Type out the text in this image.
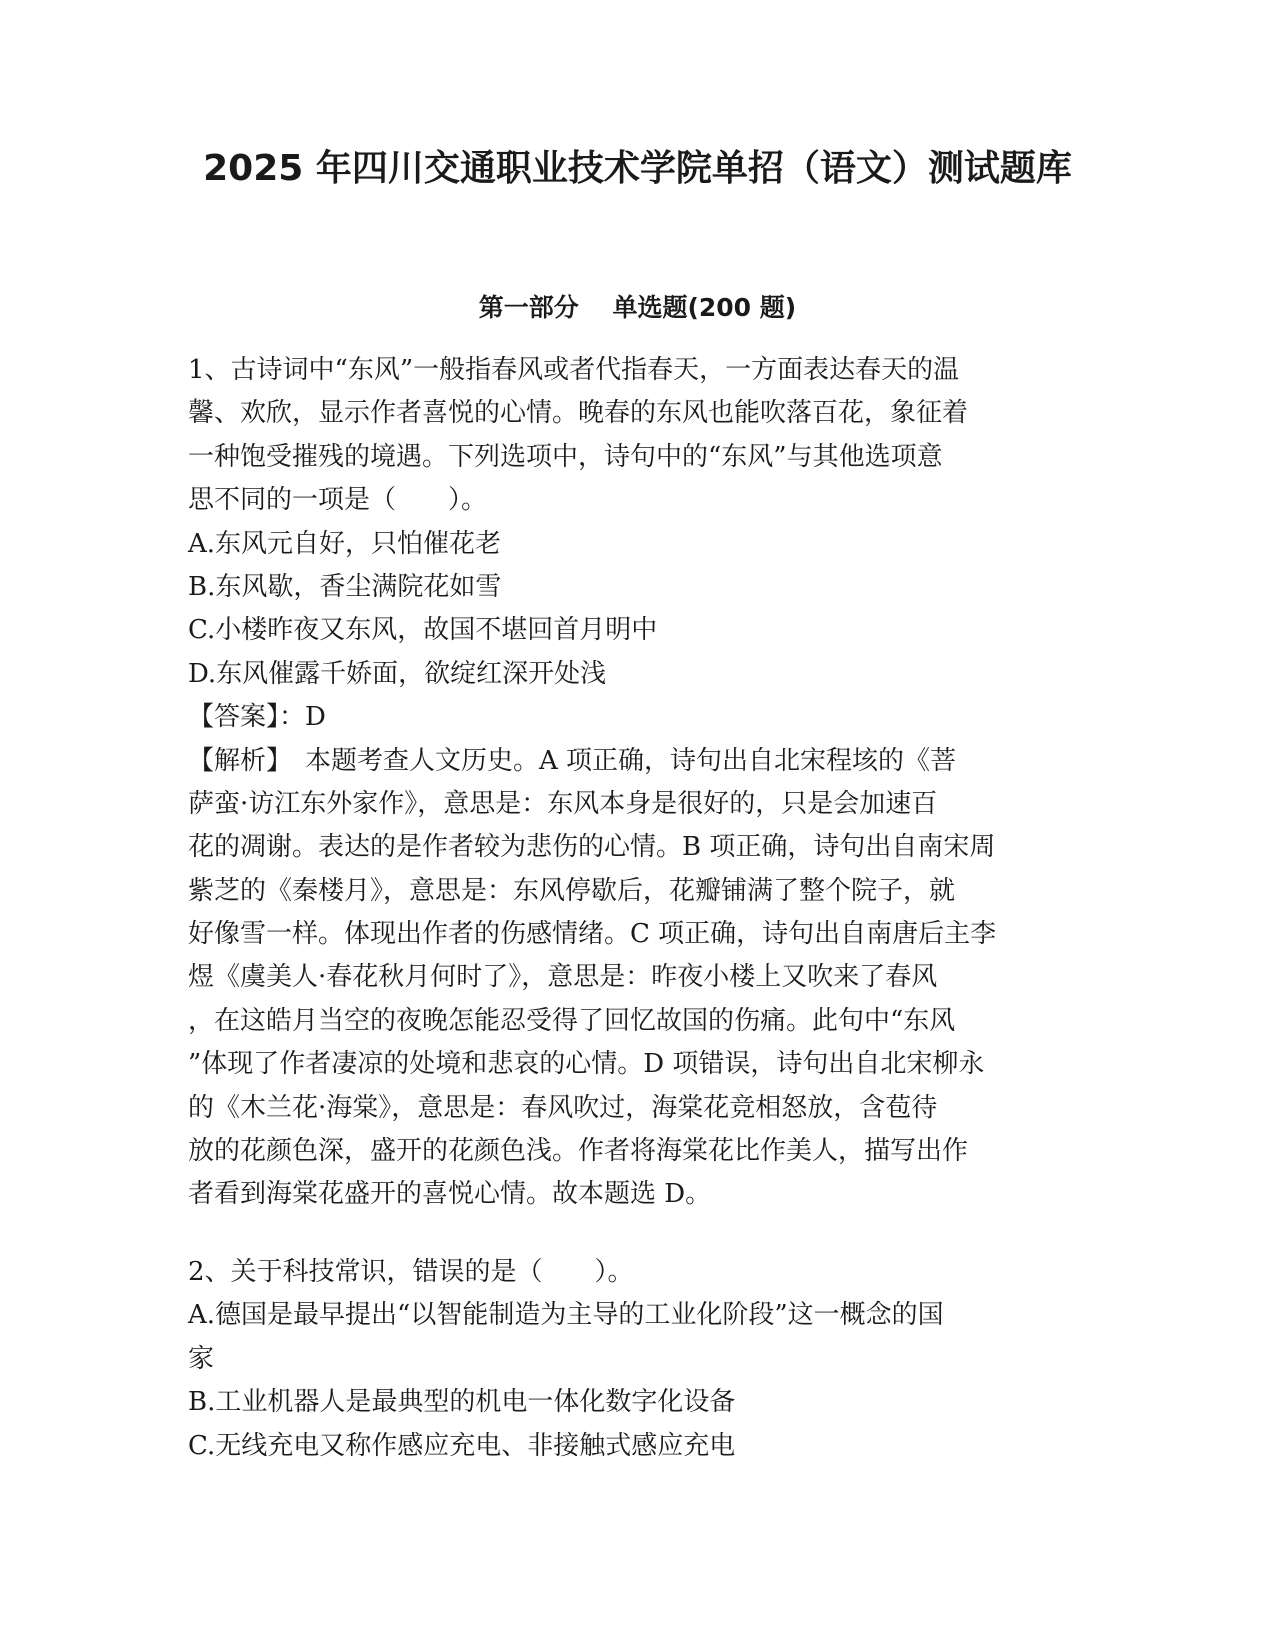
2025 年四川交通职业技术学院单招（语文）测试题库
第一部分　 单选题(200 题)
1、古诗词中“东风”一般指春风或者代指春天，一方面表达春天的温
馨、欢欣，显示作者喜悦的心情。晚春的东风也能吹落百花，象征着
一种饱受摧残的境遇。下列选项中，诗句中的“东风”与其他选项意
思不同的一项是（　　）。
A.东风元自好，只怕催花老
B.东风歇，香尘满院花如雪
C.小楼昨夜又东风，故国不堪回首月明中
D.东风催露千娇面，欲绽红深开处浅
【答案】：D
【解析】　本题考查人文历史。A 项正确，诗句出自北宋程垓的《菩
萨蛮·访江东外家作》，意思是：东风本身是很好的，只是会加速百
花的凋谢。表达的是作者较为悲伤的心情。B 项正确，诗句出自南宋周
紫芝的《秦楼月》，意思是：东风停歇后，花瓣铺满了整个院子，就
好像雪一样。体现出作者的伤感情绪。C 项正确，诗句出自南唐后主李
煜《虞美人·春花秋月何时了》，意思是：昨夜小楼上又吹来了春风
，在这皓月当空的夜晚怎能忍受得了回忆故国的伤痛。此句中“东风
”体现了作者凄凉的处境和悲哀的心情。D 项错误，诗句出自北宋柳永
的《木兰花·海棠》，意思是：春风吹过，海棠花竞相怒放，含苞待
放的花颜色深，盛开的花颜色浅。作者将海棠花比作美人，描写出作
者看到海棠花盛开的喜悦心情。故本题选 D。
2、关于科技常识，错误的是（　　）。
A.德国是最早提出“以智能制造为主导的工业化阶段”这一概念的国
家
B.工业机器人是最典型的机电一体化数字化设备
C.无线充电又称作感应充电、非接触式感应充电
